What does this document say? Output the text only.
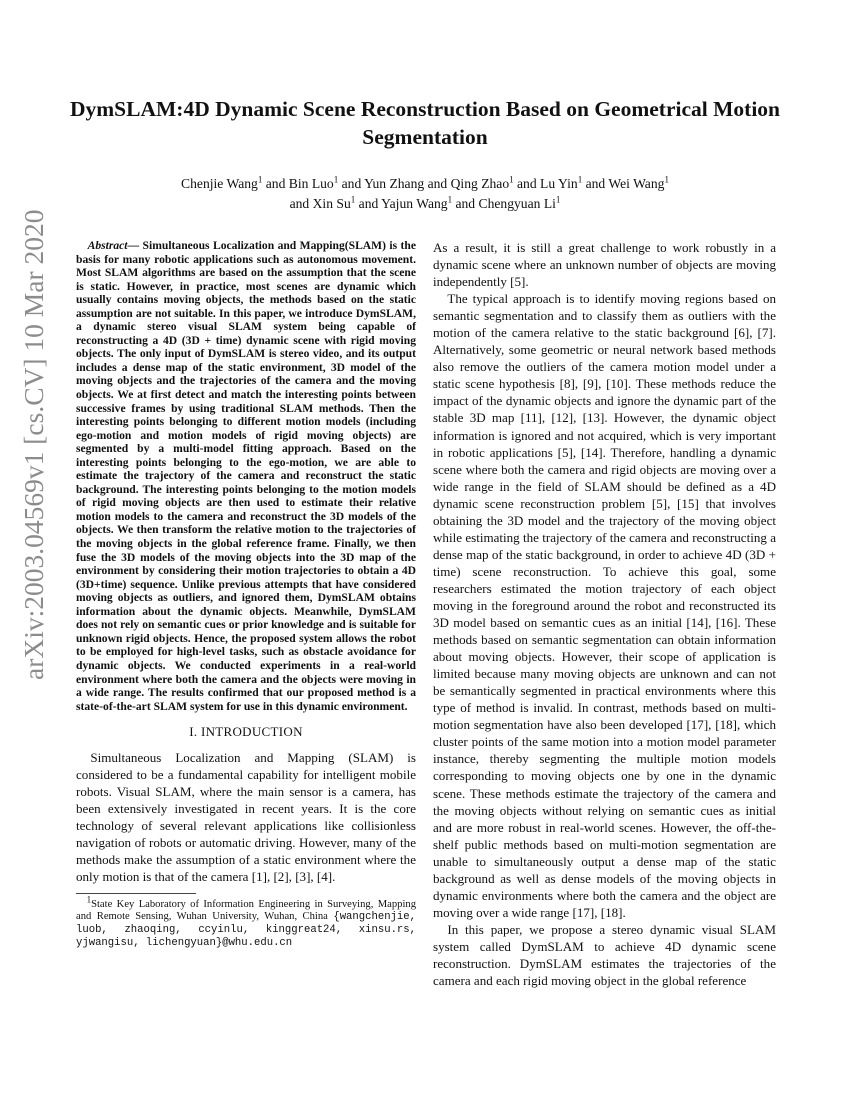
arXiv:2003.04569v1 [cs.CV] 10 Mar 2020
DymSLAM:4D Dynamic Scene Reconstruction Based on Geometrical Motion Segmentation
Chenjie Wang$^1$ and Bin Luo$^1$ and Yun Zhang and Qing Zhao$^1$ and Lu Yin$^1$ and Wei Wang$^1$
and Xin Su$^1$ and Yajun Wang$^1$ and Chengyuan Li$^1$

Abstract— Simultaneous Localization and Mapping(SLAM) is the basis for many robotic applications such as autonomous movement. Most SLAM algorithms are based on the assumption that the scene is static. However, in practice, most scenes are dynamic which usually contains moving objects, the methods based on the static assumption are not suitable. In this paper, we introduce DymSLAM, a dynamic stereo visual SLAM system being capable of reconstructing a 4D (3D + time) dynamic scene with rigid moving objects. The only input of DymSLAM is stereo video, and its output includes a dense map of the static environment, 3D model of the moving objects and the trajectories of the camera and the moving objects. We at first detect and match the interesting points between successive frames by using traditional SLAM methods. Then the interesting points belonging to different motion models (including ego-motion and motion models of rigid moving objects) are segmented by a multi-model fitting approach. Based on the interesting points belonging to the ego-motion, we are able to estimate the trajectory of the camera and reconstruct the static background. The interesting points belonging to the motion models of rigid moving objects are then used to estimate their relative motion models to the camera and reconstruct the 3D models of the objects. We then transform the relative motion to the trajectories of the moving objects in the global reference frame. Finally, we then fuse the 3D models of the moving objects into the 3D map of the environment by considering their motion trajectories to obtain a 4D (3D+time) sequence. Unlike previous attempts that have considered moving objects as outliers, and ignored them, DymSLAM obtains information about the dynamic objects. Meanwhile, DymSLAM does not rely on semantic cues or prior knowledge and is suitable for unknown rigid objects. Hence, the proposed system allows the robot to be employed for high-level tasks, such as obstacle avoidance for dynamic objects. We conducted experiments in a real-world environment where both the camera and the objects were moving in a wide range. The results confirmed that our proposed method is a state-of-the-art SLAM system for use in this dynamic environment.

I. INTRODUCTION

Simultaneous Localization and Mapping (SLAM) is considered to be a fundamental capability for intelligent mobile robots. Visual SLAM, where the main sensor is a camera, has been extensively investigated in recent years. It is the core technology of several relevant applications like collisionless navigation of robots or automatic driving. However, many of the methods make the assumption of a static environment where the only motion is that of the camera [1], [2], [3], [4].

$^1$State Key Laboratory of Information Engineering in Surveying, Mapping and Remote Sensing, Wuhan University, Wuhan, China {wangchenjie, luob, zhaoqing, ccyinlu, kinggreat24, xinsu.rs, yjwangisu, lichengyuan}@whu.edu.cn

As a result, it is still a great challenge to work robustly in a dynamic scene where an unknown number of objects are moving independently [5].

The typical approach is to identify moving regions based on semantic segmentation and to classify them as outliers with the motion of the camera relative to the static background [6], [7]. Alternatively, some geometric or neural network based methods also remove the outliers of the camera motion model under a static scene hypothesis [8], [9], [10]. These methods reduce the impact of the dynamic objects and ignore the dynamic part of the stable 3D map [11], [12], [13]. However, the dynamic object information is ignored and not acquired, which is very important in robotic applications [5], [14]. Therefore, handling a dynamic scene where both the camera and rigid objects are moving over a wide range in the field of SLAM should be defined as a 4D dynamic scene reconstruction problem [5], [15] that involves obtaining the 3D model and the trajectory of the moving object while estimating the trajectory of the camera and reconstructing a dense map of the static background, in order to achieve 4D (3D + time) scene reconstruction. To achieve this goal, some researchers estimated the motion trajectory of each object moving in the foreground around the robot and reconstructed its 3D model based on semantic cues as an initial [14], [16]. These methods based on semantic segmentation can obtain information about moving objects. However, their scope of application is limited because many moving objects are unknown and can not be semantically segmented in practical environments where this type of method is invalid. In contrast, methods based on multi-motion segmentation have also been developed [17], [18], which cluster points of the same motion into a motion model parameter instance, thereby segmenting the multiple motion models corresponding to moving objects one by one in the dynamic scene. These methods estimate the trajectory of the camera and the moving objects without relying on semantic cues as initial and are more robust in real-world scenes. However, the off-the-shelf public methods based on multi-motion segmentation are unable to simultaneously output a dense map of the static background as well as dense models of the moving objects in dynamic environments where both the camera and the object are moving over a wide range [17], [18].

In this paper, we propose a stereo dynamic visual SLAM system called DymSLAM to achieve 4D dynamic scene reconstruction. DymSLAM estimates the trajectories of the camera and each rigid moving object in the global reference
